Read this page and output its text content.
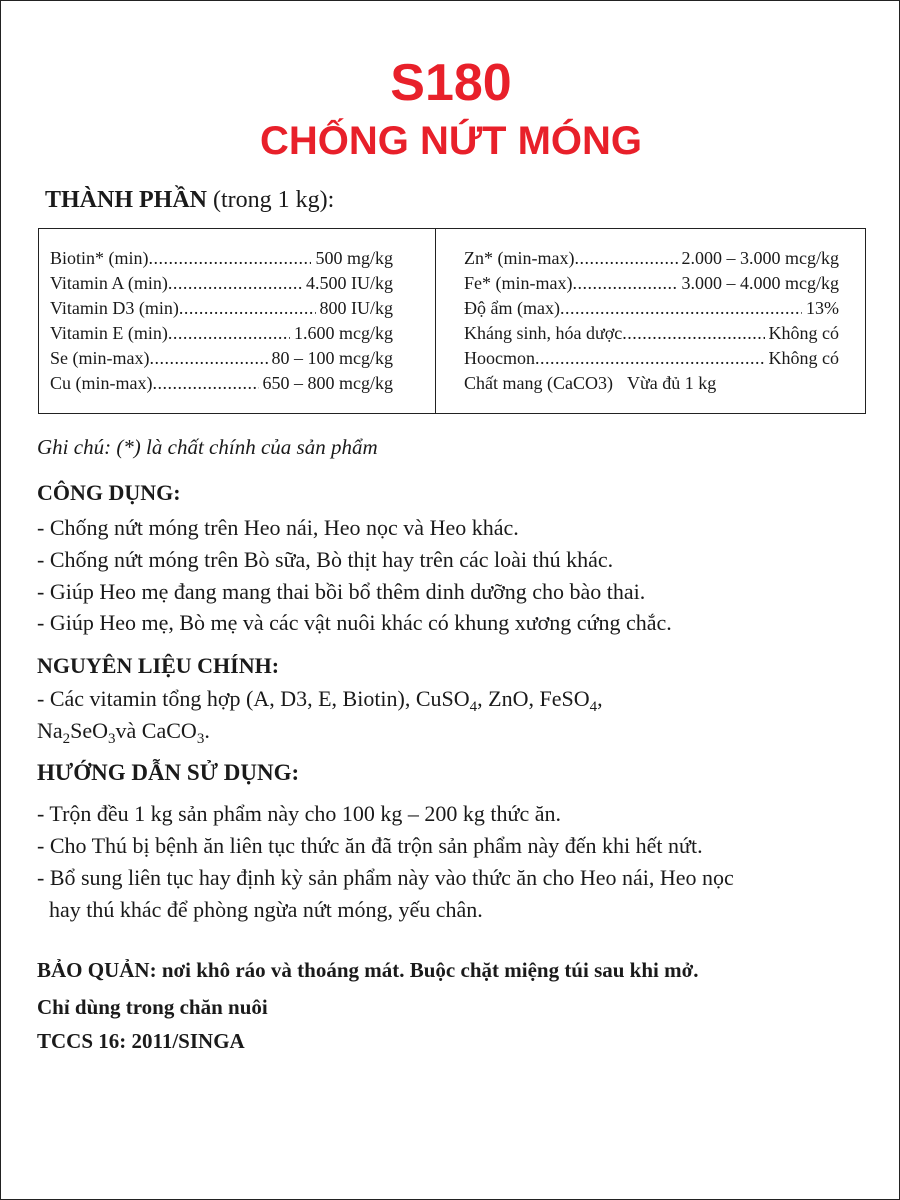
S180
CHỐNG NỨT MÓNG
THÀNH PHẦN (trong 1 kg):
Biotin* (min) .....	500 mg/kg
Vitamin A (min) .....	4.500 IU/kg
Vitamin D3 (min) .....	800 IU/kg
Vitamin E (min) .....	1.600 mcg/kg
Se (min-max) .....	80 – 100 mcg/kg
Cu (min-max) .....	650 – 800 mcg/kg
Zn* (min-max) .....	2.000 – 3.000 mcg/kg
Fe* (min-max) .....	3.000 – 4.000 mcg/kg
Độ ẩm (max) .....	13%
Kháng sinh, hóa dược .....	Không có
Hoocmon .....	Không có
Chất mang (CaCO3) Vừa đủ 1 kg
Ghi chú: (*) là chất chính của sản phẩm
CÔNG DỤNG:
- Chống nứt móng trên Heo nái, Heo nọc và Heo khác.
- Chống nứt móng trên Bò sữa, Bò thịt hay trên các loài thú khác.
- Giúp Heo mẹ đang mang thai bồi bổ thêm dinh dưỡng cho bào thai.
- Giúp Heo mẹ, Bò mẹ và các vật nuôi khác có khung xương cứng chắc.
NGUYÊN LIỆU CHÍNH:
- Các vitamin tổng hợp (A, D3, E, Biotin), CuSO$_4$, ZnO, FeSO$_4$,
$Na_2SeO_3và$ CaCO$_3$.
HƯỚNG DẪN SỬ DỤNG:
- Trộn đều 1 kg sản phẩm này cho 100 kg – 200 kg thức ăn.
- Cho Thú bị bệnh ăn liên tục thức ăn đã trộn sản phẩm này đến khi hết nứt.
- Bổ sung liên tục hay định kỳ sản phẩm này vào thức ăn cho Heo nái, Heo nọc
hay thú khác để phòng ngừa nứt móng, yếu chân.
BẢO QUẢN: nơi khô ráo và thoáng mát. Buộc chặt miệng túi sau khi mở.
Chỉ dùng trong chăn nuôi
TCCS 16: 2011/SINGA
